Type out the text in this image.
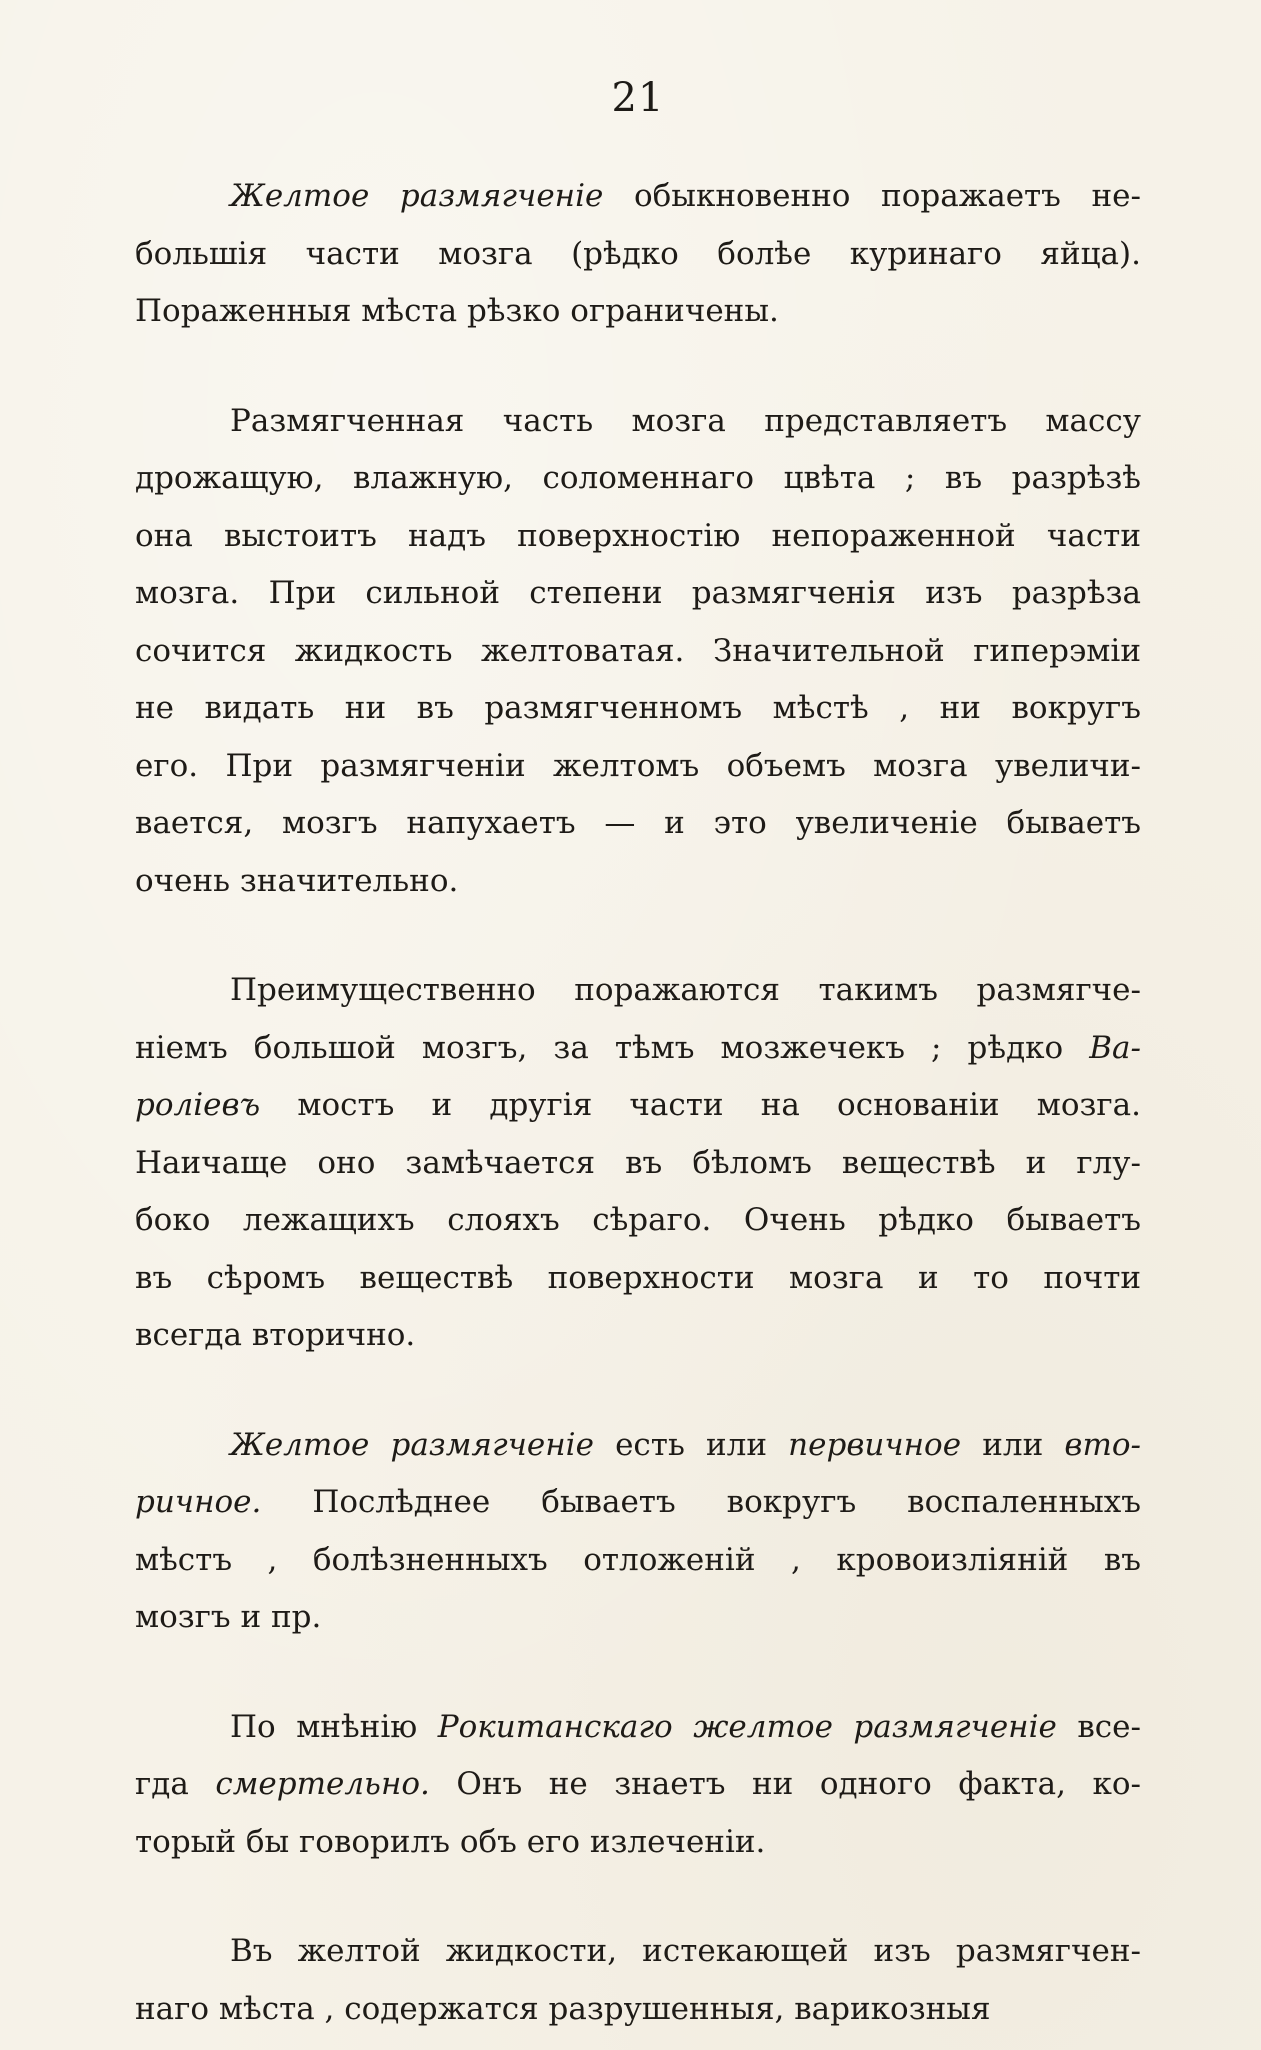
21
Желтое размягченіе обыкновенно поражаетъ не-
большія части мозга (рѣдко болѣе куринаго яйца).
Пораженныя мѣста рѣзко ограничены.
Размягченная часть мозга представляетъ массу
дрожащую, влажную, соломеннаго цвѣта ; въ разрѣзѣ
она выстоитъ надъ поверхностію непораженной части
мозга. При сильной степени размягченія изъ разрѣза
сочится жидкость желтоватая. Значительной гиперэміи
не видать ни въ размягченномъ мѣстѣ , ни вокругъ
его. При размягченіи желтомъ объемъ мозга увеличи-
вается, мозгъ напухаетъ — и это увеличеніе бываетъ
очень значительно.
Преимущественно поражаются такимъ размягче-
ніемъ большой мозгъ, за тѣмъ мозжечекъ ; рѣдко Ва-
роліевъ мостъ и другія части на основаніи мозга.
Наичаще оно замѣчается въ бѣломъ веществѣ и глу-
боко лежащихъ слояхъ сѣраго. Очень рѣдко бываетъ
въ сѣромъ веществѣ поверхности мозга и то почти
всегда вторично.
Желтое размягченіе есть или первичное или вто-
ричное. Послѣднее бываетъ вокругъ воспаленныхъ
мѣстъ , болѣзненныхъ отложеній , кровоизліяній въ
мозгъ и пр.
По мнѣнію Рокитанскаго желтое размягченіе все-
гда смертельно. Онъ не знаетъ ни одного факта, ко-
торый бы говорилъ объ его излеченіи.
Въ желтой жидкости, истекающей изъ размягчен-
наго мѣста , содержатся разрушенныя, варикозныя
